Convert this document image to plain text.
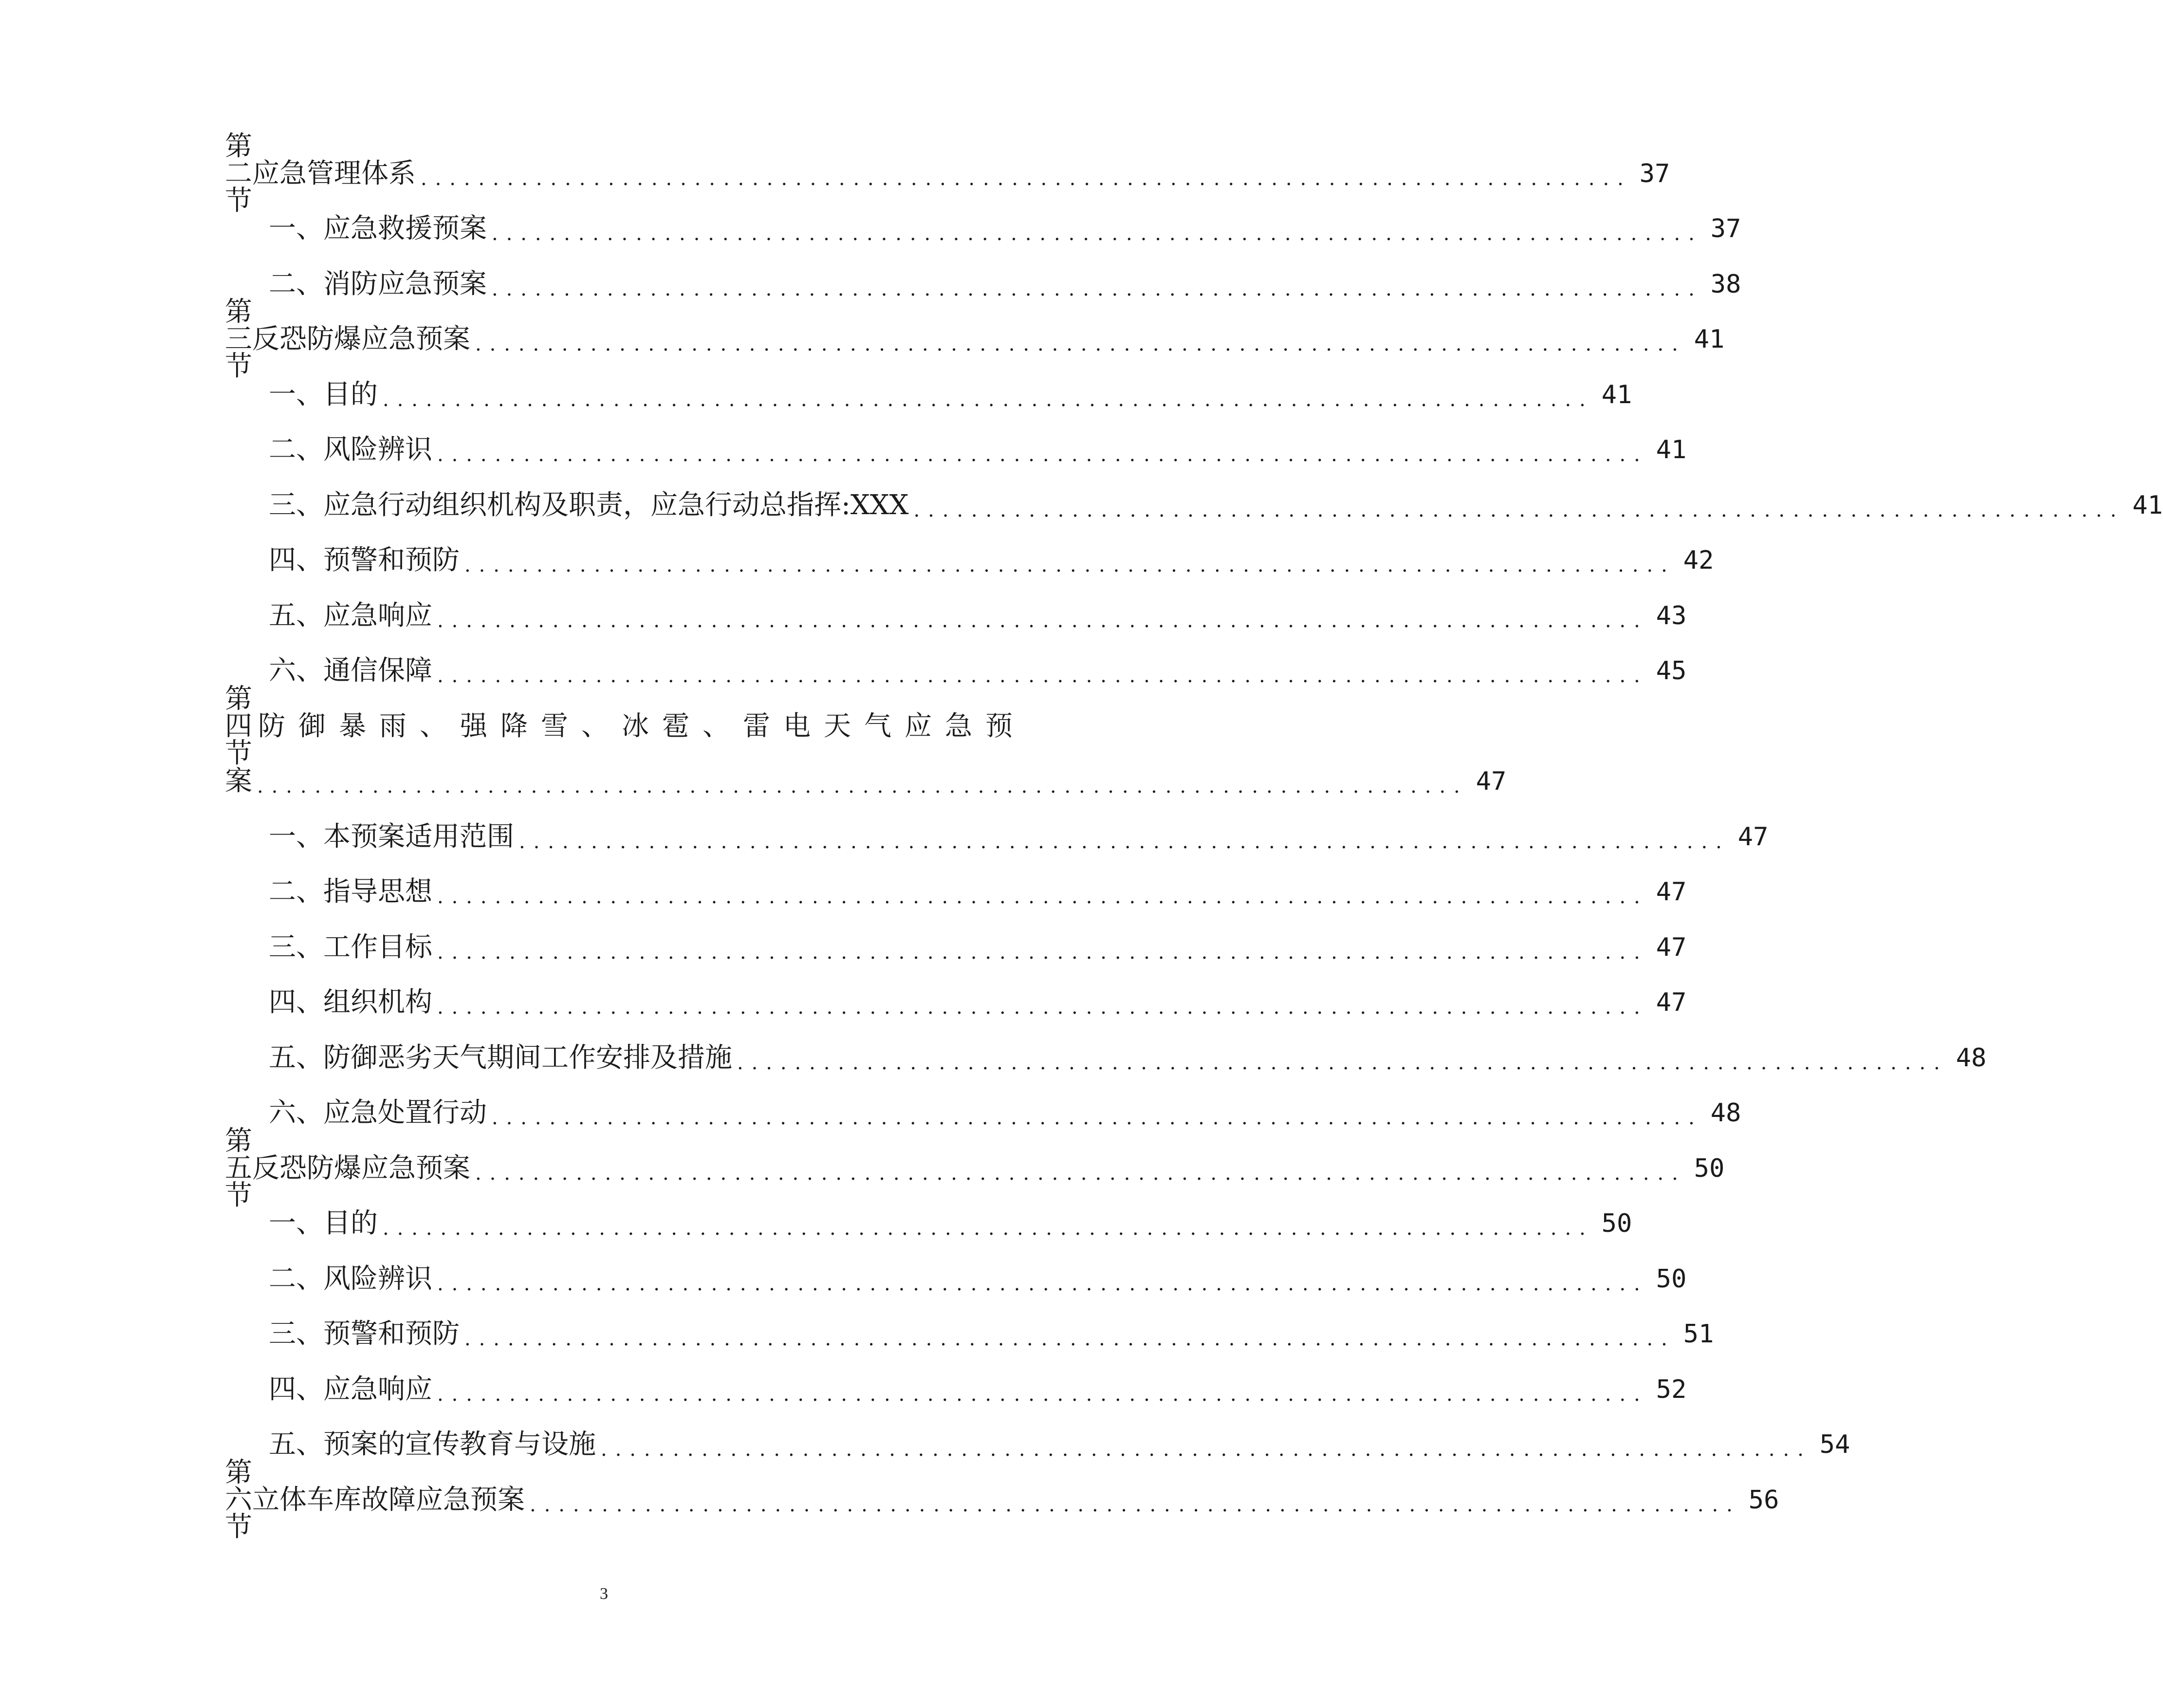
第二节
应急管理体系 .................................................................................... 37
一、 应急救援预案 .................................................................................... 37
二、 消防应急预案 .................................................................................... 38
第三节
反恐防爆应急预案 .................................................................................... 41
一、 目的 .................................................................................... 41
二、 风险辨识 .................................................................................... 41
三、 应急行动组织机构及职责，应急行动总指挥:XXX .................................................................................... 41
四、 预警和预防 .................................................................................... 42
五、 应急响应 .................................................................................... 43
六、 通信保障 .................................................................................... 45
第四节
防御暴雨、强降雪、冰雹、雷电天气应急预
案 .................................................................................... 47
一、 本预案适用范围 .................................................................................... 47
二、 指导思想 .................................................................................... 47
三、 工作目标 .................................................................................... 47
四、 组织机构 .................................................................................... 47
五、 防御恶劣天气期间工作安排及措施 .................................................................................... 48
六、 应急处置行动 .................................................................................... 48
第五节
反恐防爆应急预案 .................................................................................... 50
一、 目的 .................................................................................... 50
二、 风险辨识 .................................................................................... 50
三、 预警和预防 .................................................................................... 51
四、 应急响应 .................................................................................... 52
五、 预案的宣传教育与设施 .................................................................................... 54
第六节
立体车库故障应急预案 .................................................................................... 56
3
